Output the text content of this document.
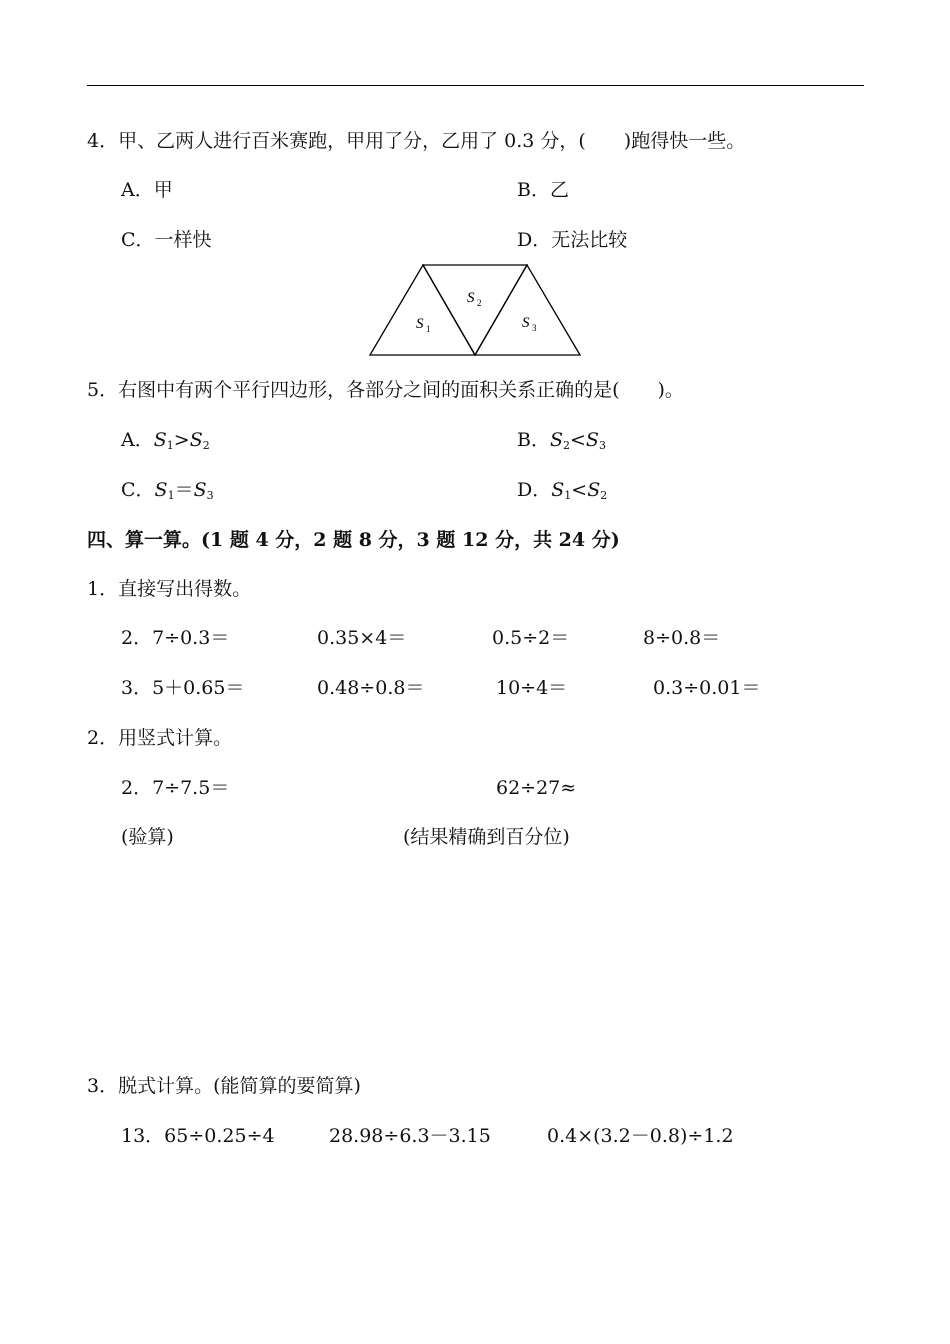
4．甲、乙两人进行百米赛跑，甲用了分，乙用了 0.3 分，(　　)跑得快一些。
A．甲	B．乙
C．一样快	D．无法比较
S 1
S 2
S 3
5．右图中有两个平行四边形，各部分之间的面积关系正确的是(　　)。
A．$S_1>S_2$	B．$S_2<S_3$
C．$S_1=S_3$	D．$S_1<S_2$
四、算一算。(1 题 4 分，2 题 8 分，3 题 12 分，共 24 分)
1．直接写出得数。
2．7÷0.3＝	0.35×4＝	0.5÷2＝	8÷0.8＝
3．5＋0.65＝	0.48÷0.8＝	10÷4＝	0.3÷0.01＝
2．用竖式计算。
2．7÷7.5＝	62÷27≈
(验算)	(结果精确到百分位)
3．脱式计算。(能简算的要简算)
13．65÷0.25÷4	28.98÷6.3－3.15	0.4×(3.2－0.8)÷1.2
